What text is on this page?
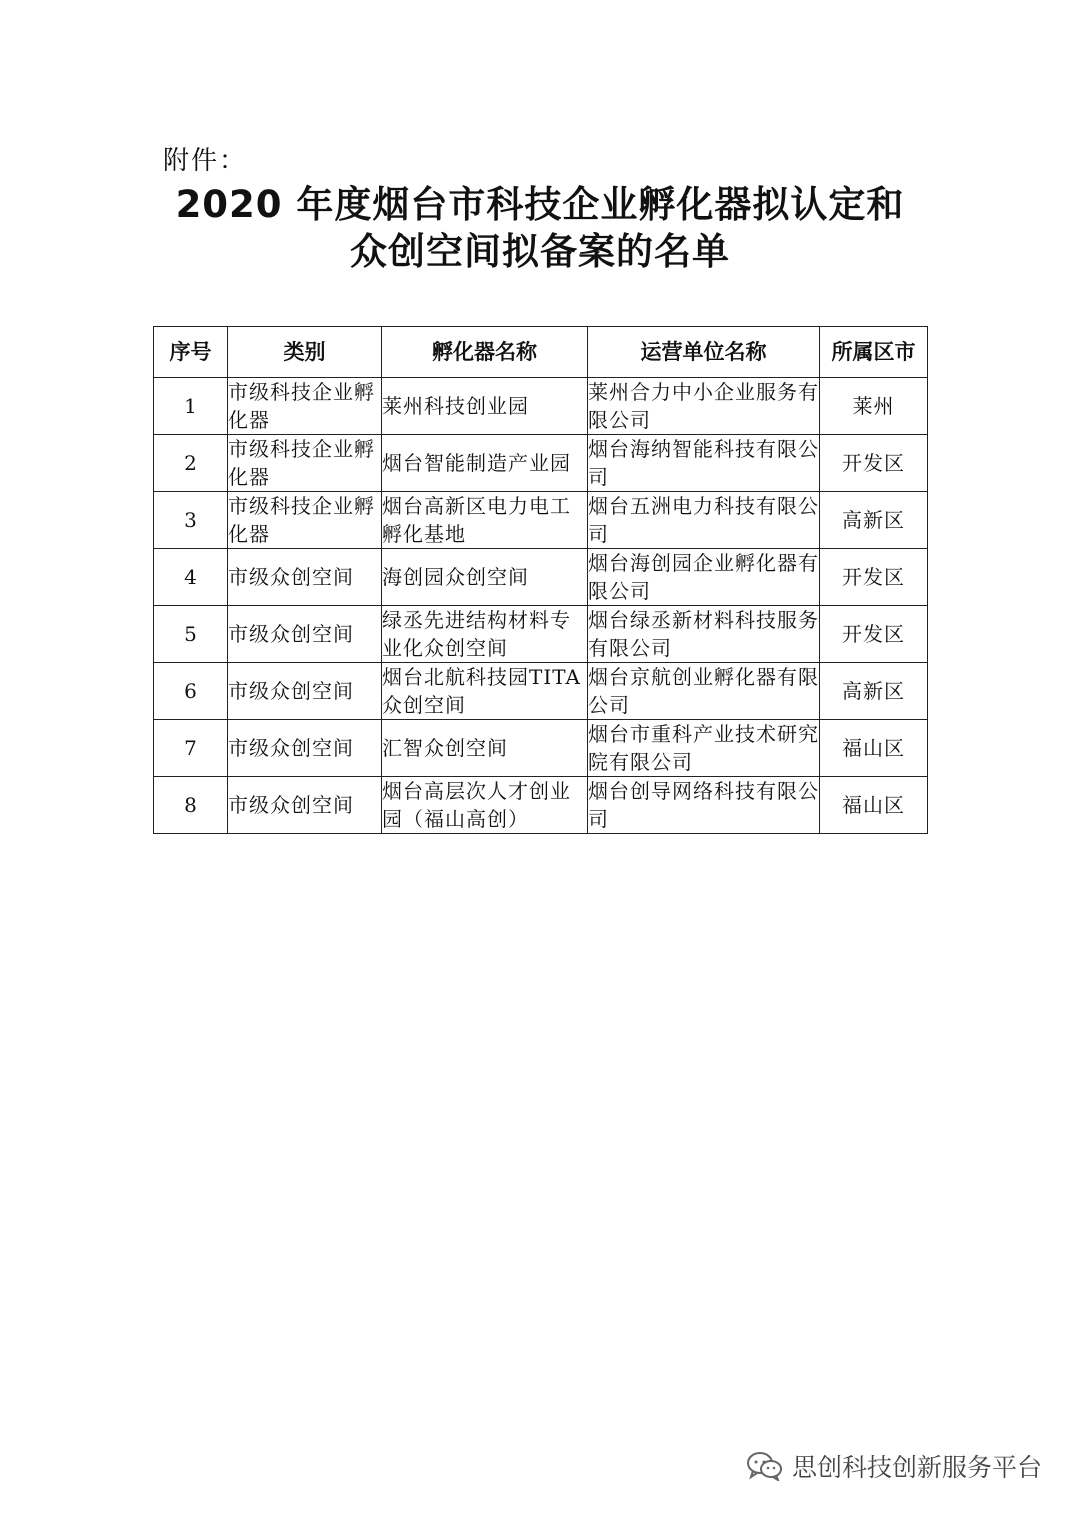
附件：
2020 年度烟台市科技企业孵化器拟认定和
众创空间拟备案的名单
序号	类别	孵化器名称	运营单位名称	所属区市
1	市级科技企业孵化器	莱州科技创业园	莱州合力中小企业服务有限公司	莱州
2	市级科技企业孵化器	烟台智能制造产业园	烟台海纳智能科技有限公司	开发区
3	市级科技企业孵化器	烟台高新区电力电工孵化基地	烟台五洲电力科技有限公司	高新区
4	市级众创空间	海创园众创空间	烟台海创园企业孵化器有限公司	开发区
5	市级众创空间	绿丞先进结构材料专业化众创空间	烟台绿丞新材料科技服务有限公司	开发区
6	市级众创空间	烟台北航科技园TITA众创空间	烟台京航创业孵化器有限公司	高新区
7	市级众创空间	汇智众创空间	烟台市重科产业技术研究院有限公司	福山区
8	市级众创空间	烟台高层次人才创业园（福山高创）	烟台创导网络科技有限公司	福山区
思创科技创新服务平台
